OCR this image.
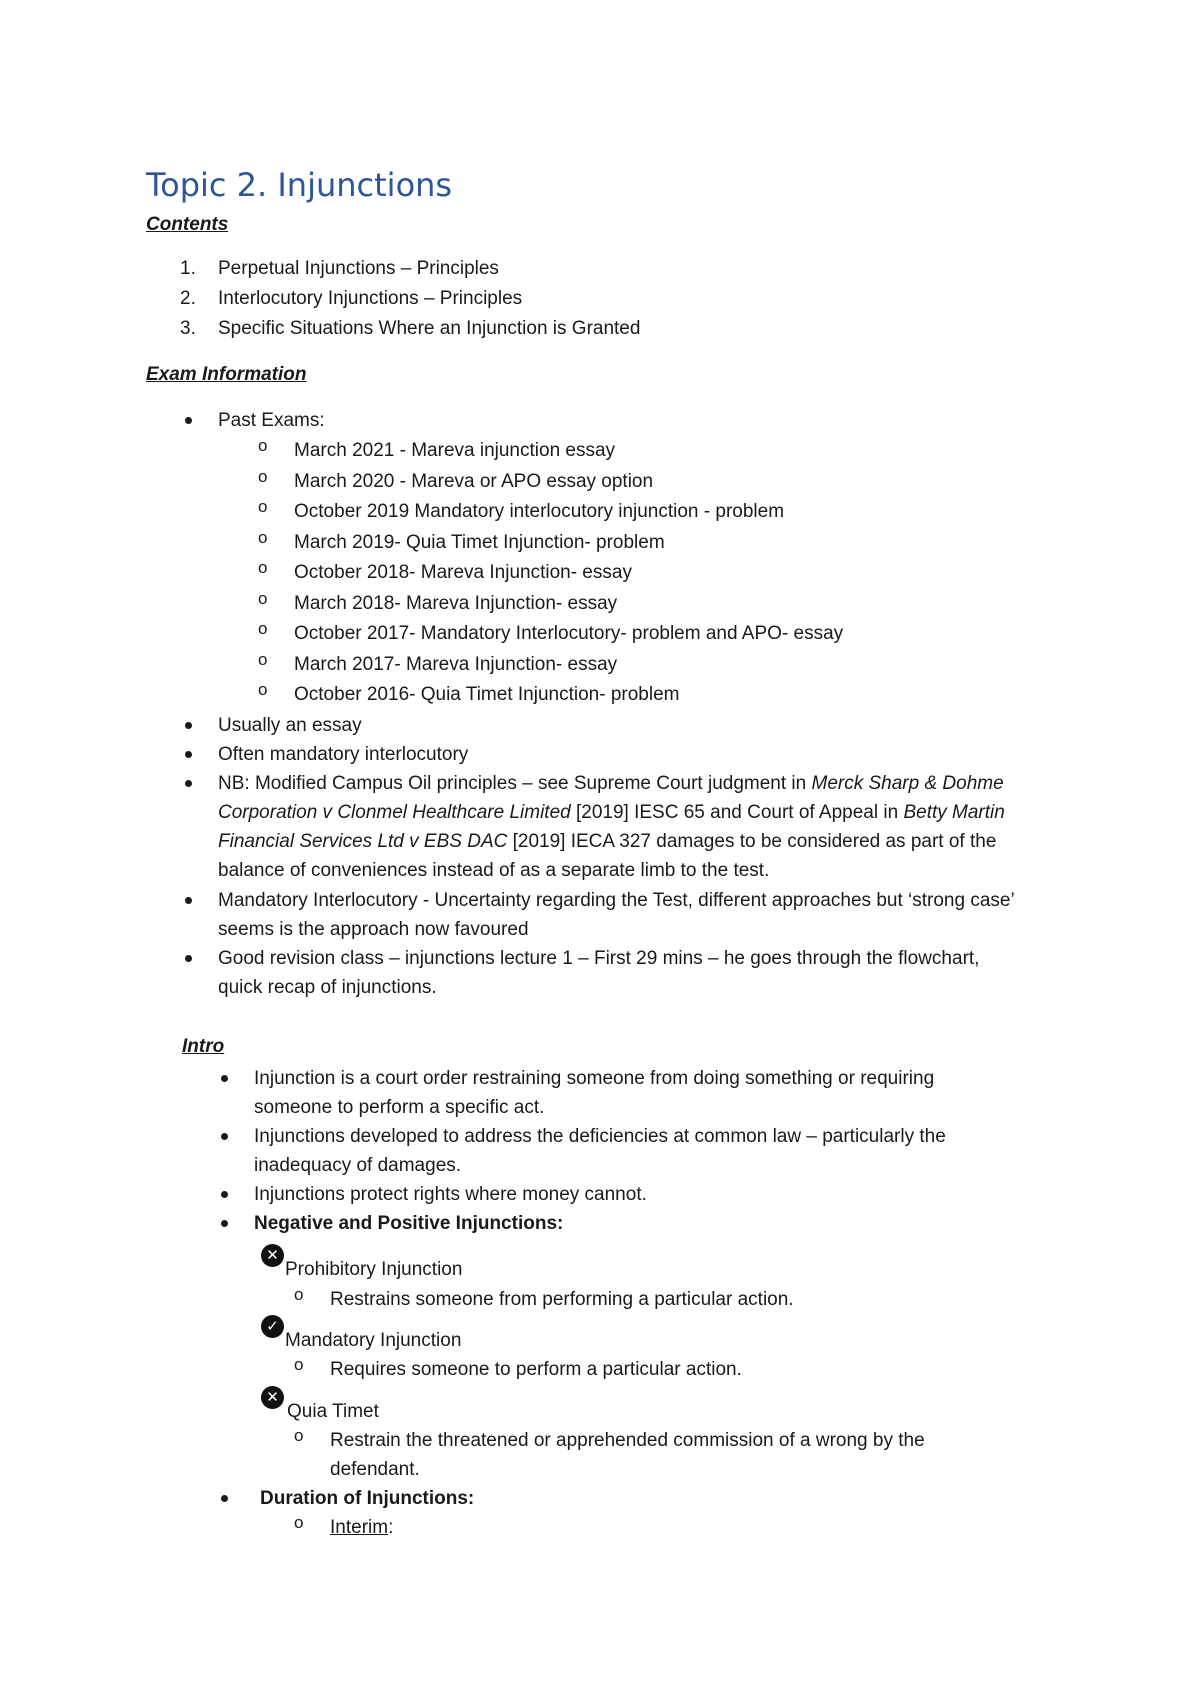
Topic 2. Injunctions
Contents
1.	Perpetual Injunctions – Principles
2.	Interlocutory Injunctions – Principles
3.	Specific Situations Where an Injunction is Granted
Exam Information
Past Exams:
o	March 2021 - Mareva injunction essay
o	March 2020 - Mareva or APO essay option
o	October 2019 Mandatory interlocutory injunction - problem
o	March 2019- Quia Timet Injunction- problem
o	October 2018- Mareva Injunction- essay
o	March 2018- Mareva Injunction- essay
o	October 2017- Mandatory Interlocutory- problem and APO- essay
o	March 2017- Mareva Injunction- essay
o	October 2016- Quia Timet Injunction- problem
Usually an essay
Often mandatory interlocutory
NB: Modified Campus Oil principles – see Supreme Court judgment in Merck Sharp & Dohme Corporation v Clonmel Healthcare Limited [2019] IESC 65 and Court of Appeal in Betty Martin Financial Services Ltd v EBS DAC [2019] IECA 327 damages to be considered as part of the balance of conveniences instead of as a separate limb to the test.
Mandatory Interlocutory - Uncertainty regarding the Test, different approaches but ‘strong case’ seems is the approach now favoured
Good revision class – injunctions lecture 1 – First 29 mins – he goes through the flowchart, quick recap of injunctions.
Intro
Injunction is a court order restraining someone from doing something or requiring someone to perform a specific act.
Injunctions developed to address the deficiencies at common law – particularly the inadequacy of damages.
Injunctions protect rights where money cannot.
Negative and Positive Injunctions:
✕
Prohibitory Injunction
o	Restrains someone from performing a particular action.
✓
Mandatory Injunction
o	Requires someone to perform a particular action.
✕
Quia Timet
o	Restrain the threatened or apprehended commission of a wrong by the defendant.
Duration of Injunctions:
o	Interim:
